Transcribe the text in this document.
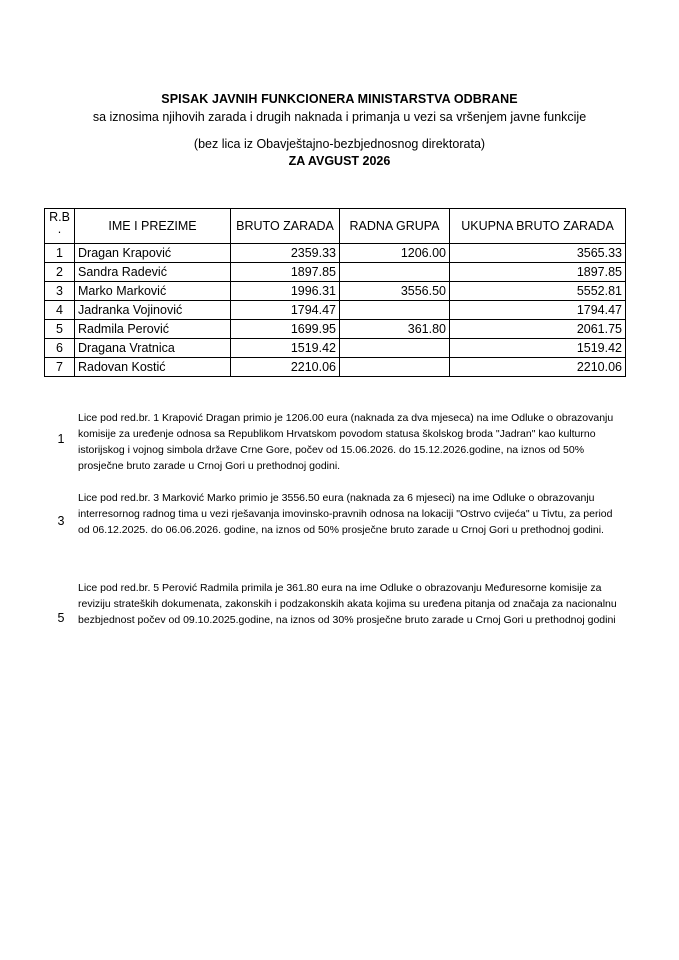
SPISAK JAVNIH FUNKCIONERA MINISTARSTVA ODBRANE
sa iznosima njihovih zarada i drugih naknada i primanja u vezi sa vršenjem javne funkcije
(bez lica iz Obavještajno-bezbjednosnog direktorata)
ZA AVGUST 2026
R.B
.	IME I PREZIME	BRUTO ZARADA	RADNA GRUPA	UKUPNA BRUTO ZARADA
1	Dragan Krapović	2359.33	1206.00	3565.33
2	Sandra Radević	1897.85		1897.85
3	Marko Marković	1996.31	3556.50	5552.81
4	Jadranka Vojinović	1794.47		1794.47
5	Radmila Perović	1699.95	361.80	2061.75
6	Dragana Vratnica	1519.42		1519.42
7	Radovan Kostić	2210.06		2210.06
1
Lice pod red.br. 1 Krapović Dragan primio je 1206.00 eura (naknada za dva mjeseca) na ime Odluke o obrazovanju komisije za uređenje odnosa sa Republikom Hrvatskom povodom statusa školskog broda "Jadran" kao kulturno istorijskog i vojnog simbola države Crne Gore, počev od 15.06.2026. do 15.12.2026.godine, na iznos od 50% prosječne bruto zarade u Crnoj Gori u prethodnoj godini.
3
Lice pod red.br. 3 Marković Marko primio je 3556.50 eura (naknada za 6 mjeseci) na ime Odluke o obrazovanju interresornog radnog tima u vezi rješavanja imovinsko-pravnih odnosa na lokaciji "Ostrvo cvijeća" u Tivtu, za period od 06.12.2025. do 06.06.2026. godine, na iznos od 50% prosječne bruto zarade u Crnoj Gori u prethodnoj godini.
5
Lice pod red.br. 5 Perović Radmila primila je 361.80 eura na ime Odluke o obrazovanju Međuresorne komisije za reviziju strateških dokumenata, zakonskih i podzakonskih akata kojima su uređena pitanja od značaja za nacionalnu bezbjednost počev od 09.10.2025.godine, na iznos od 30% prosječne bruto zarade u Crnoj Gori u prethodnoj godini
